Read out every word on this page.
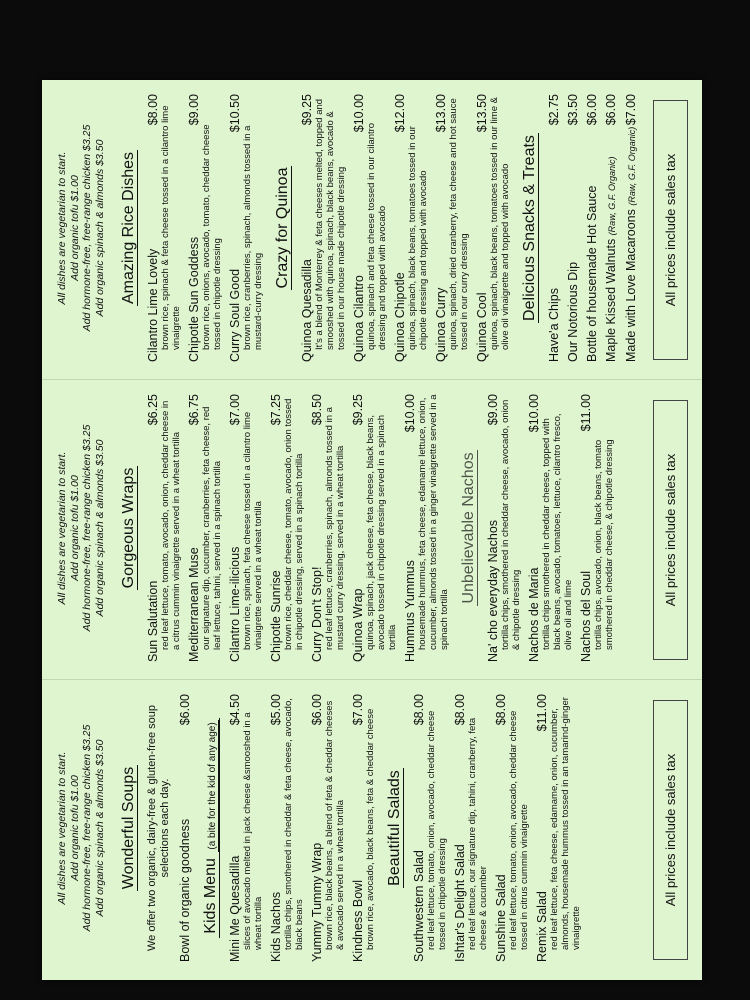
All dishes are vegetarian to start. Add organic tofu $1.00 Add hormone-free, free-range chicken $3.25 Add organic spinach & almonds $3.50 Wonderful Soups We offer two organic, dairy-free & gluten-free soup selections each day. Bowl of organic goodness
$6.00
Kids Menu (a bite for the kid of any age)
Mini Me Quesadilla
$4.50
slices of avocado melted in jack cheese &smooshed in a wheat tortilla Kids Nachos
$5.00 tortilla chips, smothered in cheddar & feta cheese, avocado, black beans Yummy Tummy Wrap
$6.00 brown rice, black beans, a blend of feta & cheddar cheeses & avocado served in a wheat tortilla Kindness Bowl
$7.00 brown rice, avocado, black beans, feta & cheddar cheese Beautiful Salads
Southwestern Salad
$8.00
red leaf lettuce, tomato, onion, avocado, cheddar cheese tossed in chipotle dressing Ishtar's Delight Salad
$8.00
red leaf lettuce, our signature dip, tahini, cranberry, feta cheese & cucumber Sunshine Salad
$8.00
red leaf lettuce, tomato, onion, avocado, cheddar cheese tossed in citrus cummin vinaigrette Remix Salad
$11.00 red leaf lettuce, feta cheese, edamame, onion, cucumber, almonds, housemade hummus tossed in an tamarind-ginger vinaigrette
All prices include sales tax
All dishes are vegetarian to start. Add organic tofu $1.00 Add hormone-free, free-range chicken $3.25 Add organic spinach & almonds $3.50 Gorgeous Wraps
Sun Salutation
$6.25 red leaf lettuce, tomato, avocado, onion, cheddar cheese in a citrus cummin vinaigrette served in a wheat tortilla Mediterranean Muse
$6.75 our signature dip, cucumber, cranberries, feta cheese, red leaf lettuce, tahini, served in a spinach tortilla Cilantro Lime-ilicious
$7.00
brown rice, spinach, feta cheese tossed in a cilantro lime vinaigrette served in a wheat tortilla Chipotle Sunrise
$7.25 brown rice, cheddar cheese, tomato, avocado, onion tossed in chipotle dressing, served in a spinach tortilla Curry Don't Stop!
$8.50 red leaf lettuce, cranberries, spinach, almonds tossed in a mustard curry dressing, served in a wheat tortilla Quinoa Wrap
$9.25
quinoa, spinach, jack cheese, feta cheese, black beans, avocado tossed in chipotle dressing served in a spinach tortilla Hummus Yummus
$10.00 housemade hummus, feta cheese, edamame lettuce, onion, cucumber, almonds tossed in a ginger vinaigrette served in a spinach tortilla
Unbelievable Nachos Na' cho everyday Nachos
$9.00 tortilla chips, smothered in cheddar cheese, avocado, onion & chipotle dressing Nachos de Maria
$10.00
tortilla chips smothered in cheddar cheese, topped with black beans, avocado, tomatoes, lettuce, cilantro fresco, olive oil and lime Nachos del Soul
$11.00
tortilla chips, avocado, onion, black beans, tomato smothered in cheddar cheese, & chipotle dressing	All prices include sales tax
All dishes are vegetarian to start. Add organic tofu $1.00 Add hormone-free, free-range chicken $3.25 Add organic spinach & almonds $3.50 Amazing Rice Dishes
Cilantro Lime Lovely
$8.00 brown rice, spinach & feta cheese tossed in a cilantro lime vinaigrette Chipotle Sun Goddess
$9.00
brown rice, onions, avocado, tomato, cheddar cheese tossed in chipotle dressing Curry Soul Good
$10.50
brown rice, cranberries, spinach, almonds tossed in a mustard-curry dressing
Crazy for Quinoa
Quinoa Quesadilla
$9.25 It's a blend of Monterrey & feta cheeses melted, topped and smooshed with quinoa, spinach, black beans, avocado & tossed in our house made chipotle dressing Quinoa Cilantro
$10.00
quinoa, spinach and feta cheese tossed in our cilantro dressing and topped with avocado Quinoa Chipotle
$12.00
quinoa, spinach, black beans, tomatoes tossed in our chipotle dressing and topped with avocado Quinoa Curry
$13.00 quinoa, spinach, dried cranberry, feta cheese and hot sauce tossed in our curry dressing Quinoa Cool
$13.50 quinoa, spinach, black beans, tomatoes tossed in our lime & olive oil vinaigrette and topped with avocado Delicious Snacks & Treats
Have'a Chips
$2.75
Our Notorious Dip
$3.50
Bottle of housemade Hot Sauce
$6.00
Maple Kissed Walnuts (Raw, G.F. Organic)
$6.00
Made with Love Macaroons (Raw, G.F. Organic)
$7.00
All prices include sales tax
